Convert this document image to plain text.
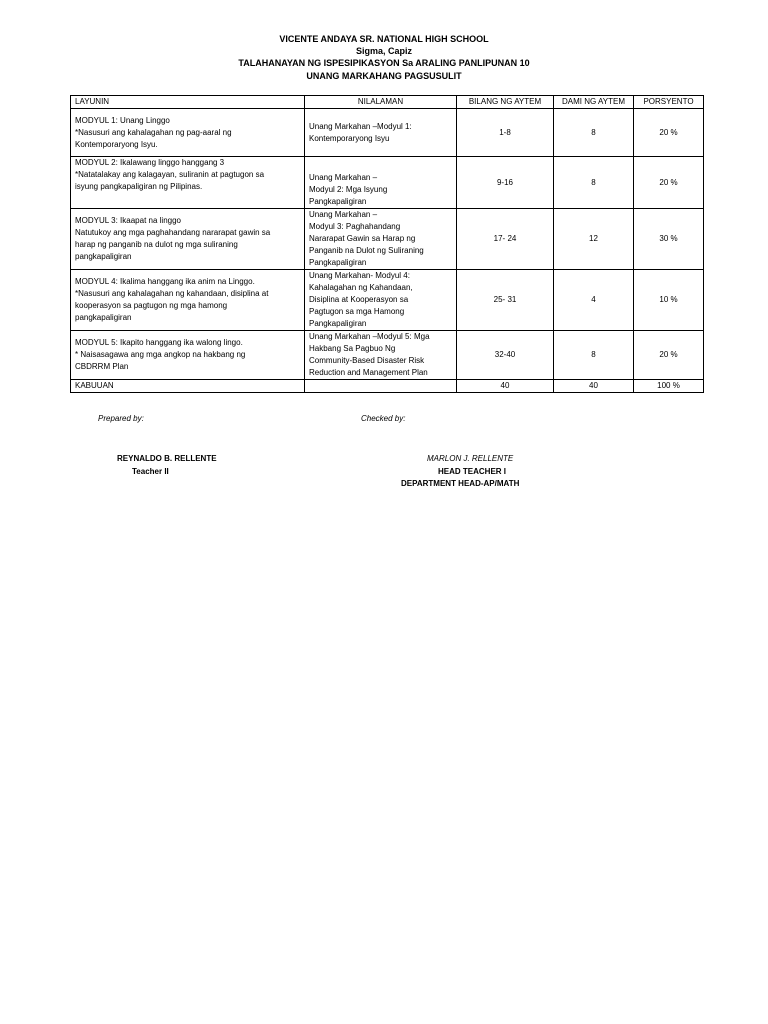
VICENTE ANDAYA SR. NATIONAL HIGH SCHOOL
Sigma, Capiz
TALAHANAYAN NG ISPESIPIKASYON Sa ARALING PANLIPUNAN 10
UNANG MARKAHANG PAGSUSULIT
LAYUNIN	NILALAMAN	BILANG NG AYTEM	DAMI NG AYTEM	PORSYENTO

MODYUL 1: Unang Linggo
*Nasusuri ang kahalagahan ng pag-aaral ng
Kontemporaryong Isyu.	Unang Markahan –Modyul 1:
Kontemporaryong Isyu	1-8	8	20 %

MODYUL 2: Ikalawang linggo hanggang 3
*Natatalakay ang kalagayan, suliranin at pagtugon sa
isyung pangkapaligiran ng Pilipinas.	Unang Markahan –
Modyul 2: Mga Isyung
Pangkapaligiran	9-16	8	20 %

MODYUL 3: Ikaapat na linggo
Natutukoy ang mga paghahandang nararapat gawin sa
harap ng panganib na dulot ng mga suliraning
pangkapaligiran	Unang Markahan –
Modyul 3: Paghahandang
Nararapat Gawin sa Harap ng
Panganib na Dulot ng Suliraning
Pangkapaligiran	17- 24	12	30 %

MODYUL 4: Ikalima hanggang ika anim na Linggo.
*Nasusuri ang kahalagahan ng kahandaan, disiplina at
kooperasyon sa pagtugon ng mga hamong
pangkapaligiran	Unang Markahan- Modyul 4:
Kahalagahan ng Kahandaan,
Disiplina at Kooperasyon sa
Pagtugon sa mga Hamong
Pangkapaligiran	25- 31	4	10 %

MODYUL 5: Ikapito hanggang ika walong lingo.
* Naisasagawa ang mga angkop na hakbang ng
CBDRRM Plan	Unang Markahan –Modyul 5: Mga
Hakbang Sa Pagbuo Ng
Community-Based Disaster Risk
Reduction and Management Plan	32-40	8	20 %
KABUUAN		40	40	100 %
Prepared by:
REYNALDO B. RELLENTE
Teacher II
Checked by:
MARLON J. RELLENTE
HEAD TEACHER I
DEPARTMENT HEAD-AP/MATH
